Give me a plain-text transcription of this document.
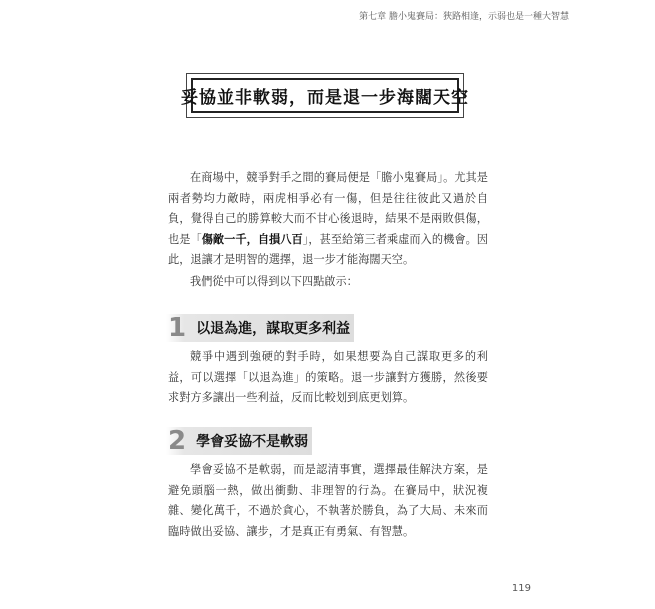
第七章 膽小鬼賽局：狹路相逢，示弱也是一種大智慧
妥協並非軟弱，而是退一步海闊天空

在商場中，競爭對手之間的賽局便是「膽小鬼賽局」。尤其是兩者勢均力敵時，兩虎相爭必有一傷，但是往往彼此又過於自負，覺得自己的勝算較大而不甘心後退時，結果不是兩敗俱傷，也是「傷敵一千，自損八百」，甚至給第三者乘虛而入的機會。因此，退讓才是明智的選擇，退一步才能海闊天空。

我們從中可以得到以下四點啟示：

1 以退為進，謀取更多利益

競爭中遇到強硬的對手時，如果想要為自己謀取更多的利益，可以選擇「以退為進」的策略。退一步讓對方獲勝，然後要求對方多讓出一些利益，反而比較划到底更划算。

2 學會妥協不是軟弱

學會妥協不是軟弱，而是認清事實，選擇最佳解決方案，是避免頭腦一熱，做出衝動、非理智的行為。在賽局中，狀況複雜、變化萬千，不過於貪心，不執著於勝負，為了大局、未來而臨時做出妥協、讓步，才是真正有勇氣、有智慧。

119
